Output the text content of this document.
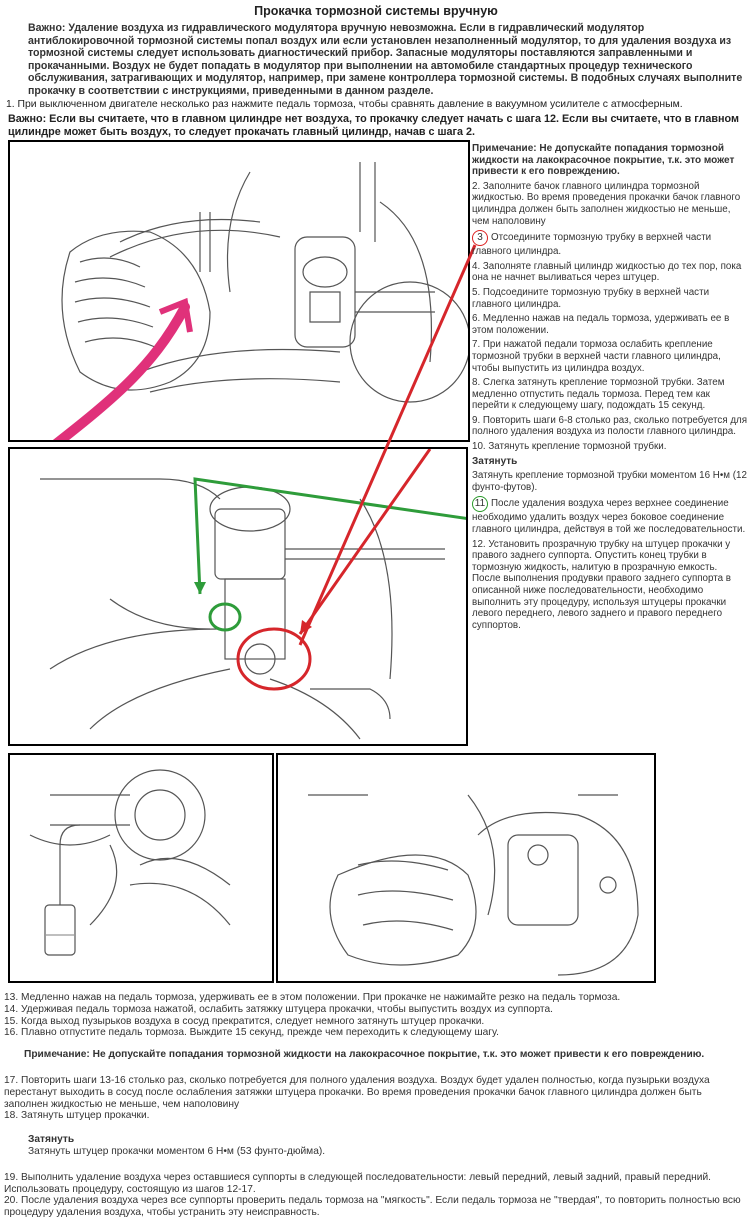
Прокачка тормозной системы вручную
Важно: Удаление воздуха из гидравлического модулятора вручную невозможна. Если в гидравлический модулятор антиблокировочной тормозной системы попал воздух или если установлен незаполненный модулятор, то для удаления воздуха из тормозной системы следует использовать диагностический прибор. Запасные модуляторы поставляются заправленными и прокачанными. Воздух не будет попадать в модулятор при выполнении на автомобиле стандартных процедур технического обслуживания, затрагивающих и модулятор, например, при замене контроллера тормозной системы. В подобных случаях выполните прокачку в соответствии с инструкциями, приведенными в данном разделе.
1. При выключенном двигателе несколько раз нажмите педаль тормоза, чтобы сравнять давление в вакуумном усилителе с атмосферным.
Важно: Если вы считаете, что в главном цилиндре нет воздуха, то прокачку следует начать с шага 12. Если вы считаете, что в главном цилиндре может быть воздух, то следует прокачать главный цилиндр, начав с шага 2.

Примечание: Не допускайте попадания тормозной жидкости на лакокрасочное покрытие, т.к. это может привести к его повреждению.

2. Заполните бачок главного цилиндра тормозной жидкостью. Во время проведения прокачки бачок главного цилиндра должен быть заполнен жидкостью не меньше, чем наполовину

3 Отсоедините тормозную трубку в верхней части главного цилиндра.

4. Заполняте главный цилиндр жидкостью до тех пор, пока она не начнет выливаться через штуцер.

5. Подсоедините тормозную трубку в верхней части главного цилиндра.

6. Медленно нажав на педаль тормоза, удерживать ее в этом положении.

7. При нажатой педали тормоза ослабить крепление тормозной трубки в верхней части главного цилиндра, чтобы выпустить из цилиндра воздух.

8. Слегка затянуть крепление тормозной трубки. Затем медленно отпустить педаль тормоза. Перед тем как перейти к следующему шагу, подождать 15 секунд.

9. Повторить шаги 6-8 столько раз, сколько потребуется для полного удаления воздуха из полости главного цилиндра.

10. Затянуть крепление тормозной трубки.

Затянуть

Затянуть крепление тормозной трубки моментом 16 Н•м (12 фунто-футов).

11 После удаления воздуха через верхнее соединение необходимо удалить воздух через боковое соединение главного цилиндра, действуя в той же последовательности.

12. Установить прозрачную трубку на штуцер прокачки у правого заднего суппорта. Опустить конец трубки в тормозную жидкость, налитую в прозрачную емкость. После выполнения продувки правого заднего суппорта в описанной ниже последовательности, необходимо выполнить эту процедуру, используя штуцеры прокачки левого переднего, левого заднего и правого переднего суппортов.

13. Медленно нажав на педаль тормоза, удерживать ее в этом положении. При прокачке не нажимайте резко на педаль тормоза.

14. Удерживая педаль тормоза нажатой, ослабить затяжку штуцера прокачки, чтобы выпустить воздух из суппорта.

15. Когда выход пузырьков воздуха в сосуд прекратится, следует немного затянуть штуцер прокачки.

16. Плавно отпустите педаль тормоза. Выждите 15 секунд, прежде чем переходить к следующему шагу.

Примечание: Не допускайте попадания тормозной жидкости на лакокрасочное покрытие, т.к. это может привести к его повреждению.

17. Повторить шаги 13-16 столько раз, сколько потребуется для полного удаления воздуха. Воздух будет удален полностью, когда пузырьки воздуха перестанут выходить в сосуд после ослабления затяжки штуцера прокачки. Во время проведения прокачки бачок главного цилиндра должен быть заполнен жидкостью не меньше, чем наполовину

18. Затянуть штуцер прокачки.

Затянуть

Затянуть штуцер прокачки моментом 6 Н•м (53 фунто-дюйма).

19. Выполнить удаление воздуха через оставшиеся суппорты в следующей последовательности: левый передний, левый задний, правый передний. Использовать процедуру, состоящую из шагов 12-17.

20. После удаления воздуха через все суппорты проверить педаль тормоза на "мягкость". Если педаль тормоза не "твердая", то повторить полностью всю процедуру удаления воздуха, чтобы устранить эту неисправность.
